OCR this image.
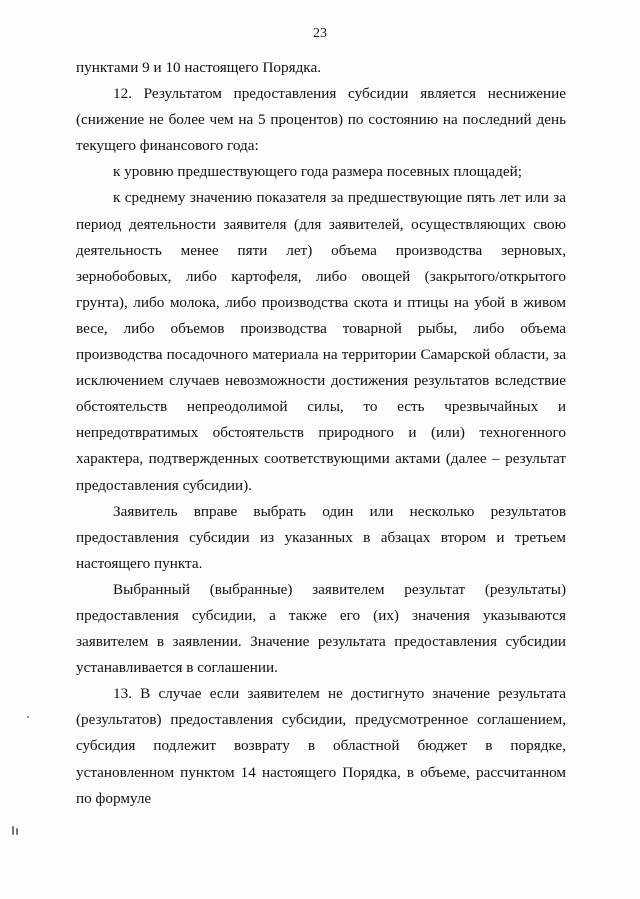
23

пунктами 9 и 10 настоящего Порядка.

12. Результатом предоставления субсидии является неснижение (снижение не более чем на 5 процентов) по состоянию на последний день текущего финансового года:

к уровню предшествующего года размера посевных площадей;

к среднему значению показателя за предшествующие пять лет или за период деятельности заявителя (для заявителей, осуществляющих свою деятельность менее пяти лет) объема производства зерновых, зернобобовых, либо картофеля, либо овощей (закрытого/открытого грунта), либо молока, либо производства скота и птицы на убой в живом весе, либо объемов производства товарной рыбы, либо объема производства посадочного материала на территории Самарской области, за исключением случаев невозможности достижения результатов вследствие обстоятельств непреодолимой силы, то есть чрезвычайных и непредотвратимых обстоятельств природного и (или) техногенного характера, подтвержденных соответствующими актами (далее – результат предоставления субсидии).

Заявитель вправе выбрать один или несколько результатов предоставления субсидии из указанных в абзацах втором и третьем настоящего пункта.

Выбранный (выбранные) заявителем результат (результаты) предоставления субсидии, а также его (их) значения указываются заявителем в заявлении. Значение результата предоставления субсидии устанавливается в соглашении.

13. В случае если заявителем не достигнуто значение результата (результатов) предоставления субсидии, предусмотренное соглашением, субсидия подлежит возврату в областной бюджет в порядке, установленном пунктом 14 настоящего Порядка, в объеме, рассчитанном по формуле
